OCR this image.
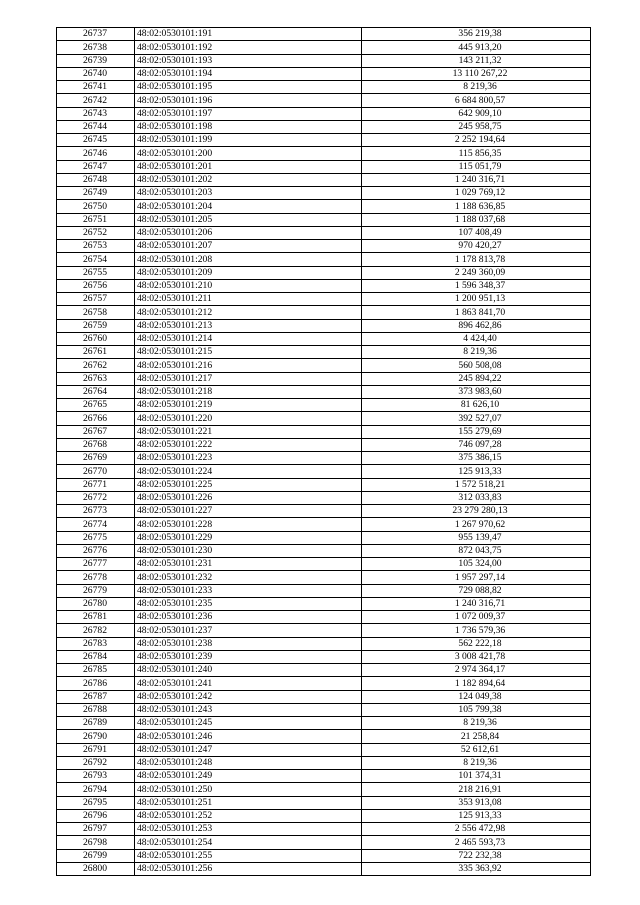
26737	48:02:0530101:191	356 219,38
26738	48:02:0530101:192	445 913,20
26739	48:02:0530101:193	143 211,32
26740	48:02:0530101:194	13 110 267,22
26741	48:02:0530101:195	8 219,36
26742	48:02:0530101:196	6 684 800,57
26743	48:02:0530101:197	642 909,10
26744	48:02:0530101:198	245 958,75
26745	48:02:0530101:199	2 252 194,64
26746	48:02:0530101:200	115 856,35
26747	48:02:0530101:201	115 051,79
26748	48:02:0530101:202	1 240 316,71
26749	48:02:0530101:203	1 029 769,12
26750	48:02:0530101:204	1 188 636,85
26751	48:02:0530101:205	1 188 037,68
26752	48:02:0530101:206	107 408,49
26753	48:02:0530101:207	970 420,27
26754	48:02:0530101:208	1 178 813,78
26755	48:02:0530101:209	2 249 360,09
26756	48:02:0530101:210	1 596 348,37
26757	48:02:0530101:211	1 200 951,13
26758	48:02:0530101:212	1 863 841,70
26759	48:02:0530101:213	896 462,86
26760	48:02:0530101:214	4 424,40
26761	48:02:0530101:215	8 219,36
26762	48:02:0530101:216	560 508,08
26763	48:02:0530101:217	245 894,22
26764	48:02:0530101:218	373 983,60
26765	48:02:0530101:219	81 626,10
26766	48:02:0530101:220	392 527,07
26767	48:02:0530101:221	155 279,69
26768	48:02:0530101:222	746 097,28
26769	48:02:0530101:223	375 386,15
26770	48:02:0530101:224	125 913,33
26771	48:02:0530101:225	1 572 518,21
26772	48:02:0530101:226	312 033,83
26773	48:02:0530101:227	23 279 280,13
26774	48:02:0530101:228	1 267 970,62
26775	48:02:0530101:229	955 139,47
26776	48:02:0530101:230	872 043,75
26777	48:02:0530101:231	105 324,00
26778	48:02:0530101:232	1 957 297,14
26779	48:02:0530101:233	729 088,82
26780	48:02:0530101:235	1 240 316,71
26781	48:02:0530101:236	1 072 009,37
26782	48:02:0530101:237	1 736 579,36
26783	48:02:0530101:238	562 222,18
26784	48:02:0530101:239	3 008 421,78
26785	48:02:0530101:240	2 974 364,17
26786	48:02:0530101:241	1 182 894,64
26787	48:02:0530101:242	124 049,38
26788	48:02:0530101:243	105 799,38
26789	48:02:0530101:245	8 219,36
26790	48:02:0530101:246	21 258,84
26791	48:02:0530101:247	52 612,61
26792	48:02:0530101:248	8 219,36
26793	48:02:0530101:249	101 374,31
26794	48:02:0530101:250	218 216,91
26795	48:02:0530101:251	353 913,08
26796	48:02:0530101:252	125 913,33
26797	48:02:0530101:253	2 556 472,98
26798	48:02:0530101:254	2 465 593,73
26799	48:02:0530101:255	722 232,38
26800	48:02:0530101:256	335 363,92
